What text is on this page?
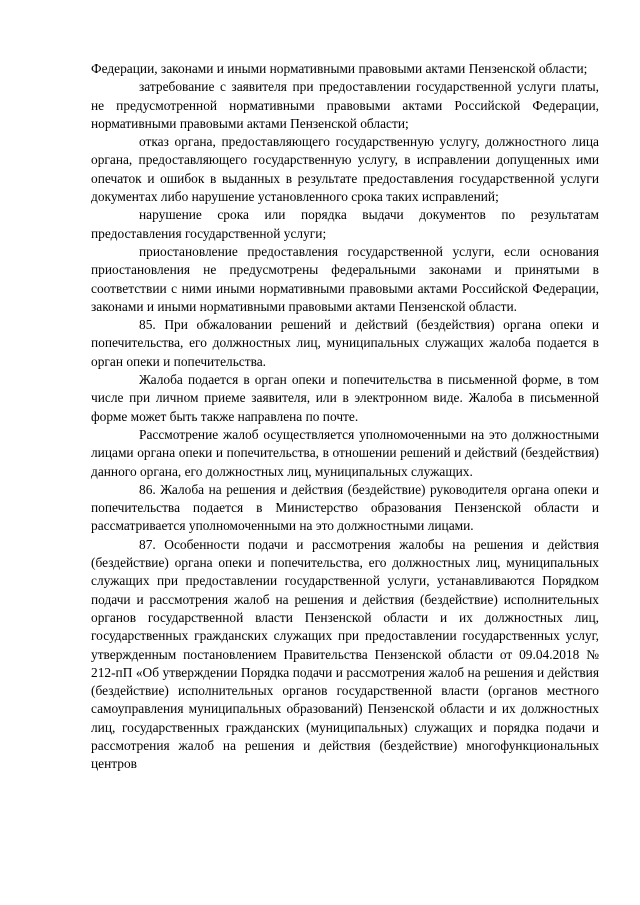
Федерации, законами и иными нормативными правовыми актами Пензенской области;

затребование с заявителя при предоставлении государственной услуги платы, не предусмотренной нормативными правовыми актами Российской Федерации, нормативными правовыми актами Пензенской области;

отказ органа, предоставляющего государственную услугу, должностного лица органа, предоставляющего государственную услугу, в исправлении допущенных ими опечаток и ошибок в выданных в результате предоставления государственной услуги документах либо нарушение установленного срока таких исправлений;

нарушение срока или порядка выдачи документов по результатам предоставления государственной услуги;

приостановление предоставления государственной услуги, если основания приостановления не предусмотрены федеральными законами и принятыми в соответствии с ними иными нормативными правовыми актами Российской Федерации, законами и иными нормативными правовыми актами Пензенской области.

85. При обжаловании решений и действий (бездействия) органа опеки и попечительства, его должностных лиц, муниципальных служащих жалоба подается в орган опеки и попечительства.

Жалоба подается в орган опеки и попечительства в письменной форме, в том числе при личном приеме заявителя, или в электронном виде. Жалоба в письменной форме может быть также направлена по почте.

Рассмотрение жалоб осуществляется уполномоченными на это должностными лицами органа опеки и попечительства, в отношении решений и действий (бездействия) данного органа, его должностных лиц, муниципальных служащих.

86. Жалоба на решения и действия (бездействие) руководителя органа опеки и попечительства подается в Министерство образования Пензенской области и рассматривается уполномоченными на это должностными лицами.

87. Особенности подачи и рассмотрения жалобы на решения и действия (бездействие) органа опеки и попечительства, его должностных лиц, муниципальных служащих при предоставлении государственной услуги, устанавливаются Порядком подачи и рассмотрения жалоб на решения и действия (бездействие) исполнительных органов государственной власти Пензенской области и их должностных лиц, государственных гражданских служащих при предоставлении государственных услуг, утвержденным постановлением Правительства Пензенской области от 09.04.2018 № 212-пП «Об утверждении Порядка подачи и рассмотрения жалоб на решения и действия (бездействие) исполнительных органов государственной власти (органов местного самоуправления муниципальных образований) Пензенской области и их должностных лиц, государственных гражданских (муниципальных) служащих и порядка подачи и рассмотрения жалоб на решения и действия (бездействие) многофункциональных центров
